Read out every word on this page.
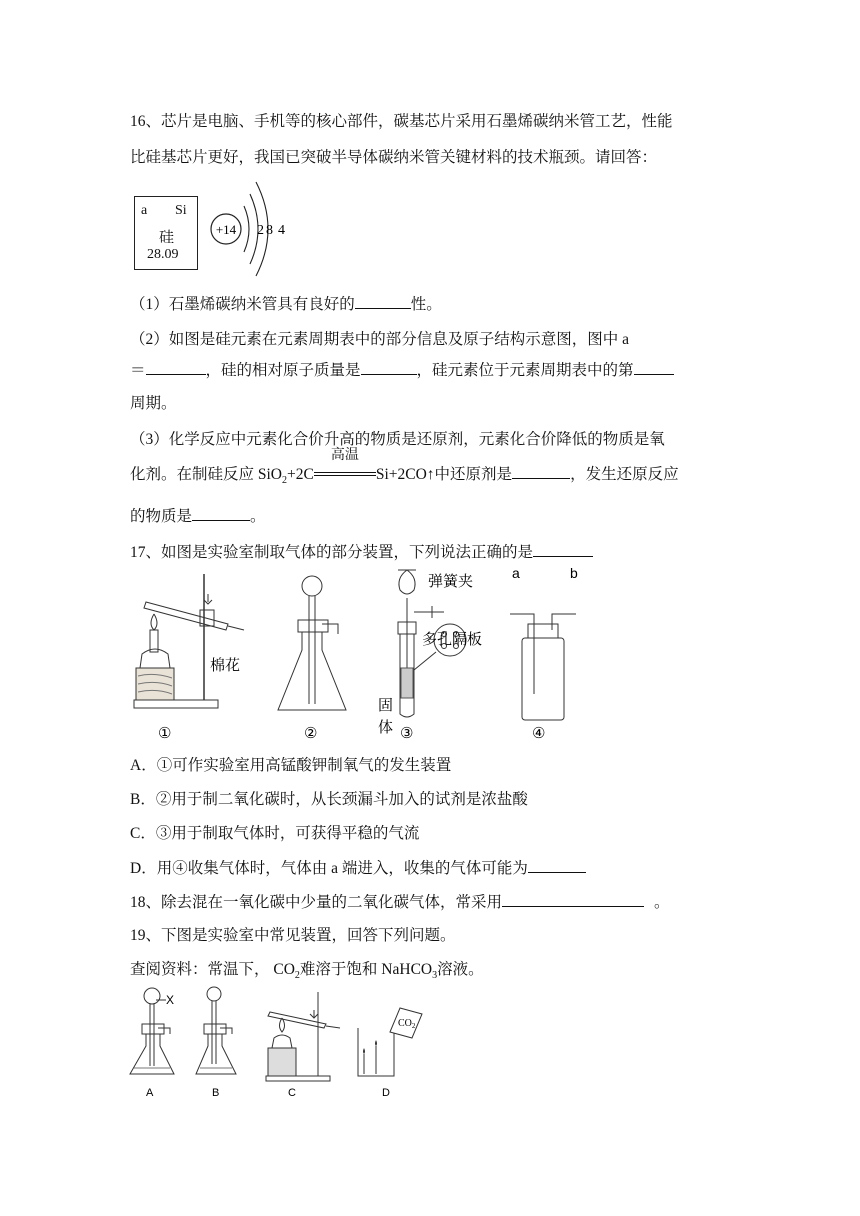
16、芯片是电脑、手机等的核心部件，碳基芯片采用石墨烯碳纳米管工艺，性能
比硅基芯片更好，我国已突破半导体碳纳米管关键材料的技术瓶颈。请回答：
a Si
硅
28.09
+14 2 8 4
（1）石墨烯碳纳米管具有良好的	性。
（2）如图是硅元素在元素周期表中的部分信息及原子结构示意图，图中 a
＝	，硅的相对原子质量是	，硅元素位于元素周期表中的第
周期。
（3）化学反应中元素化合价升高的物质是还原剂，元素化合价降低的物质是氧
化剂。在制硅反应 SiO$_2$+2C
高温
Si+2CO↑中还原剂是	，发生还原反应
的物质是	。
17、如图是实验室制取气体的部分装置，下列说法正确的是
棉花
①	②
弹簧夹
多孔隔板
固
体 ③
a	b
④
A．①可作实验室用高锰酸钾制氧气的发生装置
B．②用于制二氧化碳时，从长颈漏斗加入的试剂是浓盐酸
C．③用于制取气体时，可获得平稳的气流
D．用④收集气体时，气体由 a 端进入，收集的气体可能为
18、除去混在一氧化碳中少量的二氧化碳气体，常采用	。
19、下图是实验室中常见装置，回答下列问题。
查阅资料：常温下， $CO_2$难溶于饱和 NaHCO$_3$溶液。
X
A	B	C
$CO_2$
D
